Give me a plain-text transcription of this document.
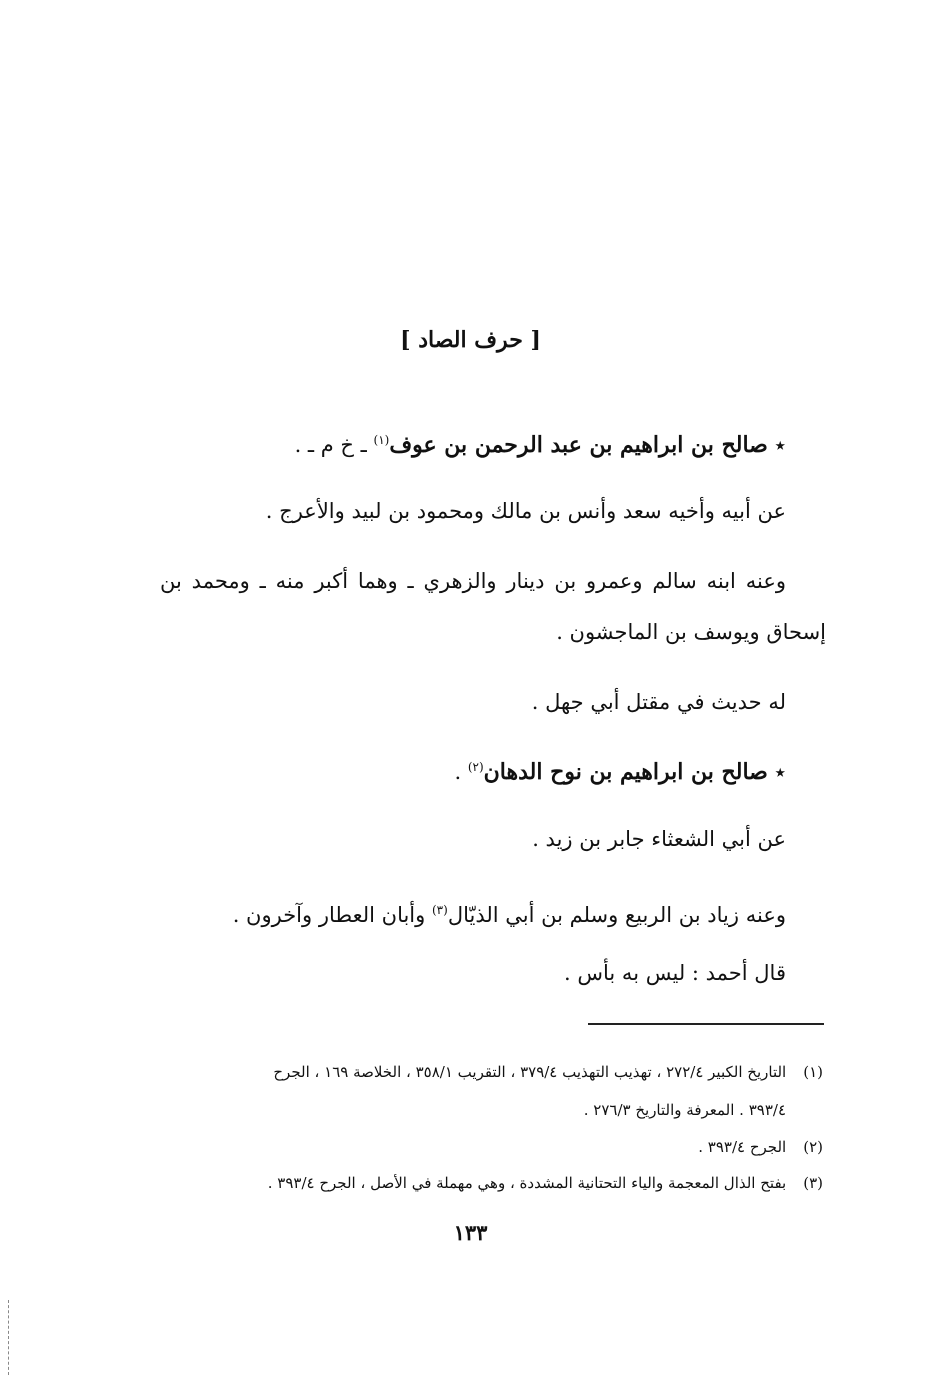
[ حرف الصاد ]
٭ صالح بن ابراهيم بن عبد الرحمن بن عوف$^{(١)}$ ـ خ م ـ .
عن أبيه وأخيه سعد وأنس بن مالك ومحمود بن لبيد والأعرج .
وعنه ابنه سالم وعمرو بن دينار والزهري ـ وهما أكبر منه ـ ومحمد بن
إسحاق ويوسف بن الماجشون .
له حديث في مقتل أبي جهل .
٭ صالح بن ابراهيم بن نوح الدهان$^{(٢)}$ .
عن أبي الشعثاء جابر بن زيد .
وعنه زياد بن الربيع وسلم بن أبي الذيّال$^{(٣)}$ وأبان العطار وآخرون .
قال أحمد : ليس به بأس .
(١) التاريخ الكبير ٢٧٢/٤ ، تهذيب التهذيب ٣٧٩/٤ ، التقريب ٣٥٨/١ ، الخلاصة ١٦٩ ، الجرح
٣٩٣/٤ . المعرفة والتاريخ ٢٧٦/٣ .
(٢) الجرح ٣٩٣/٤ .
(٣) بفتح الذال المعجمة والياء التحتانية المشددة ، وهي مهملة في الأصل ، الجرح ٣٩٣/٤ .
١٣٣
